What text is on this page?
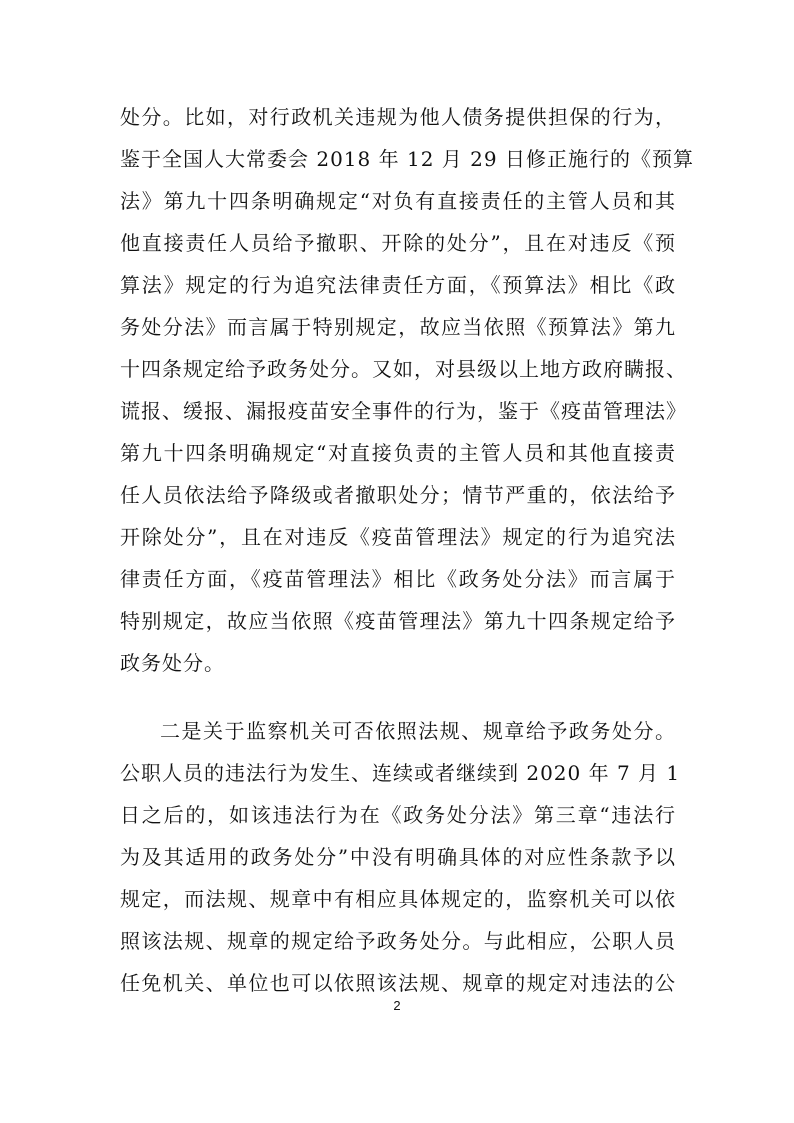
处分。比如，对行政机关违规为他人债务提供担保的行为，
鉴于全国人大常委会 2018 年 12 月 29 日修正施行的《预算
法》第九十四条明确规定“对负有直接责任的主管人员和其
他直接责任人员给予撤职、开除的处分”，且在对违反《预
算法》规定的行为追究法律责任方面，《预算法》相比《政
务处分法》而言属于特别规定，故应当依照《预算法》第九
十四条规定给予政务处分。又如，对县级以上地方政府瞒报、
谎报、缓报、漏报疫苗安全事件的行为，鉴于《疫苗管理法》
第九十四条明确规定“对直接负责的主管人员和其他直接责
任人员依法给予降级或者撤职处分；情节严重的，依法给予
开除处分”，且在对违反《疫苗管理法》规定的行为追究法
律责任方面，《疫苗管理法》相比《政务处分法》而言属于
特别规定，故应当依照《疫苗管理法》第九十四条规定给予
政务处分。
二是关于监察机关可否依照法规、规章给予政务处分。
公职人员的违法行为发生、连续或者继续到 2020 年 7 月 1
日之后的，如该违法行为在《政务处分法》第三章“违法行
为及其适用的政务处分”中没有明确具体的对应性条款予以
规定，而法规、规章中有相应具体规定的，监察机关可以依
照该法规、规章的规定给予政务处分。与此相应，公职人员
任免机关、单位也可以依照该法规、规章的规定对违法的公
2
